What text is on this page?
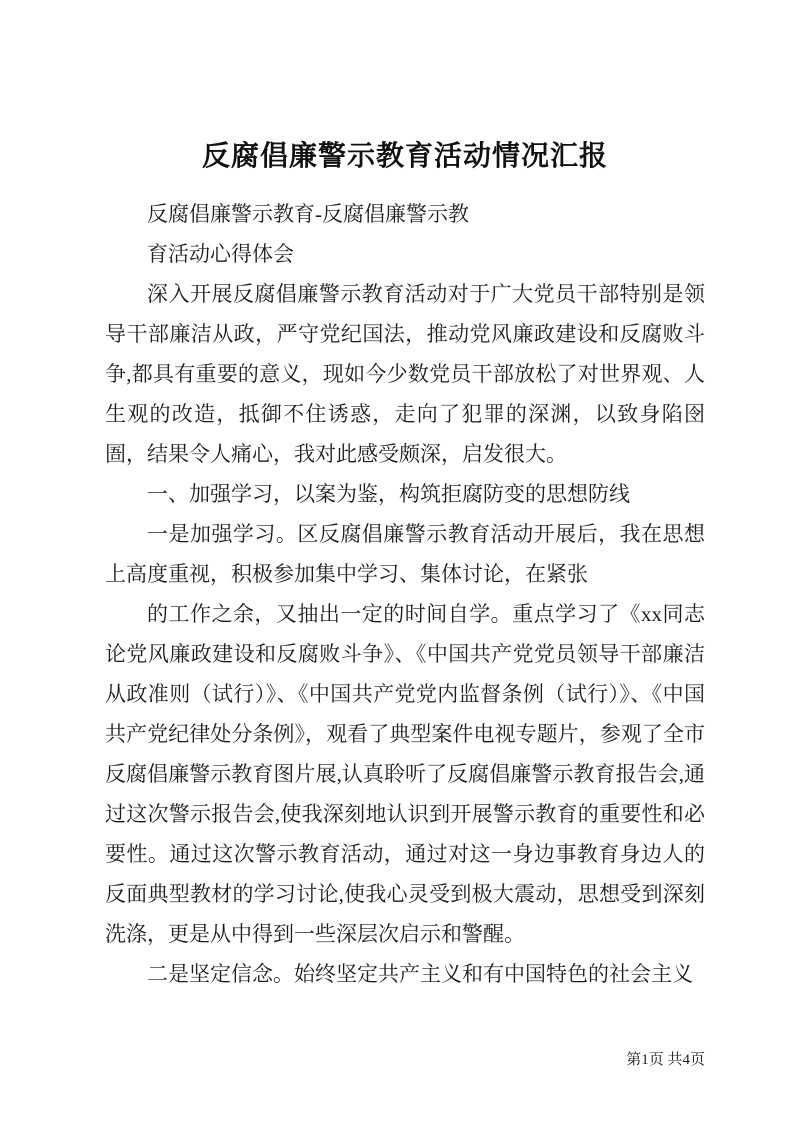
反腐倡廉警示教育活动情况汇报

反腐倡廉警示教育-反腐倡廉警示教

育活动心得体会

深入开展反腐倡廉警示教育活动对于广大党员干部特别是领导干部廉洁从政，严守党纪国法，推动党风廉政建设和反腐败斗争,都具有重要的意义，现如今少数党员干部放松了对世界观、人生观的改造，抵御不住诱惑，走向了犯罪的深渊，以致身陷囹圄，结果令人痛心，我对此感受颇深，启发很大。

一、加强学习，以案为鉴，构筑拒腐防变的思想防线

一是加强学习。区反腐倡廉警示教育活动开展后，我在思想上高度重视，积极参加集中学习、集体讨论，在紧张

的工作之余，又抽出一定的时间自学。重点学习了《xx同志论党风廉政建设和反腐败斗争》、《中国共产党党员领导干部廉洁从政准则（试行）》、《中国共产党党内监督条例（试行）》、《中国共产党纪律处分条例》，观看了典型案件电视专题片，参观了全市反腐倡廉警示教育图片展,认真聆听了反腐倡廉警示教育报告会,通过这次警示报告会,使我深刻地认识到开展警示教育的重要性和必要性。通过这次警示教育活动，通过对这一身边事教育身边人的反面典型教材的学习讨论,使我心灵受到极大震动，思想受到深刻洗涤，更是从中得到一些深层次启示和警醒。

二是坚定信念。始终坚定共产主义和有中国特色的社会主义

第1页 共4页
